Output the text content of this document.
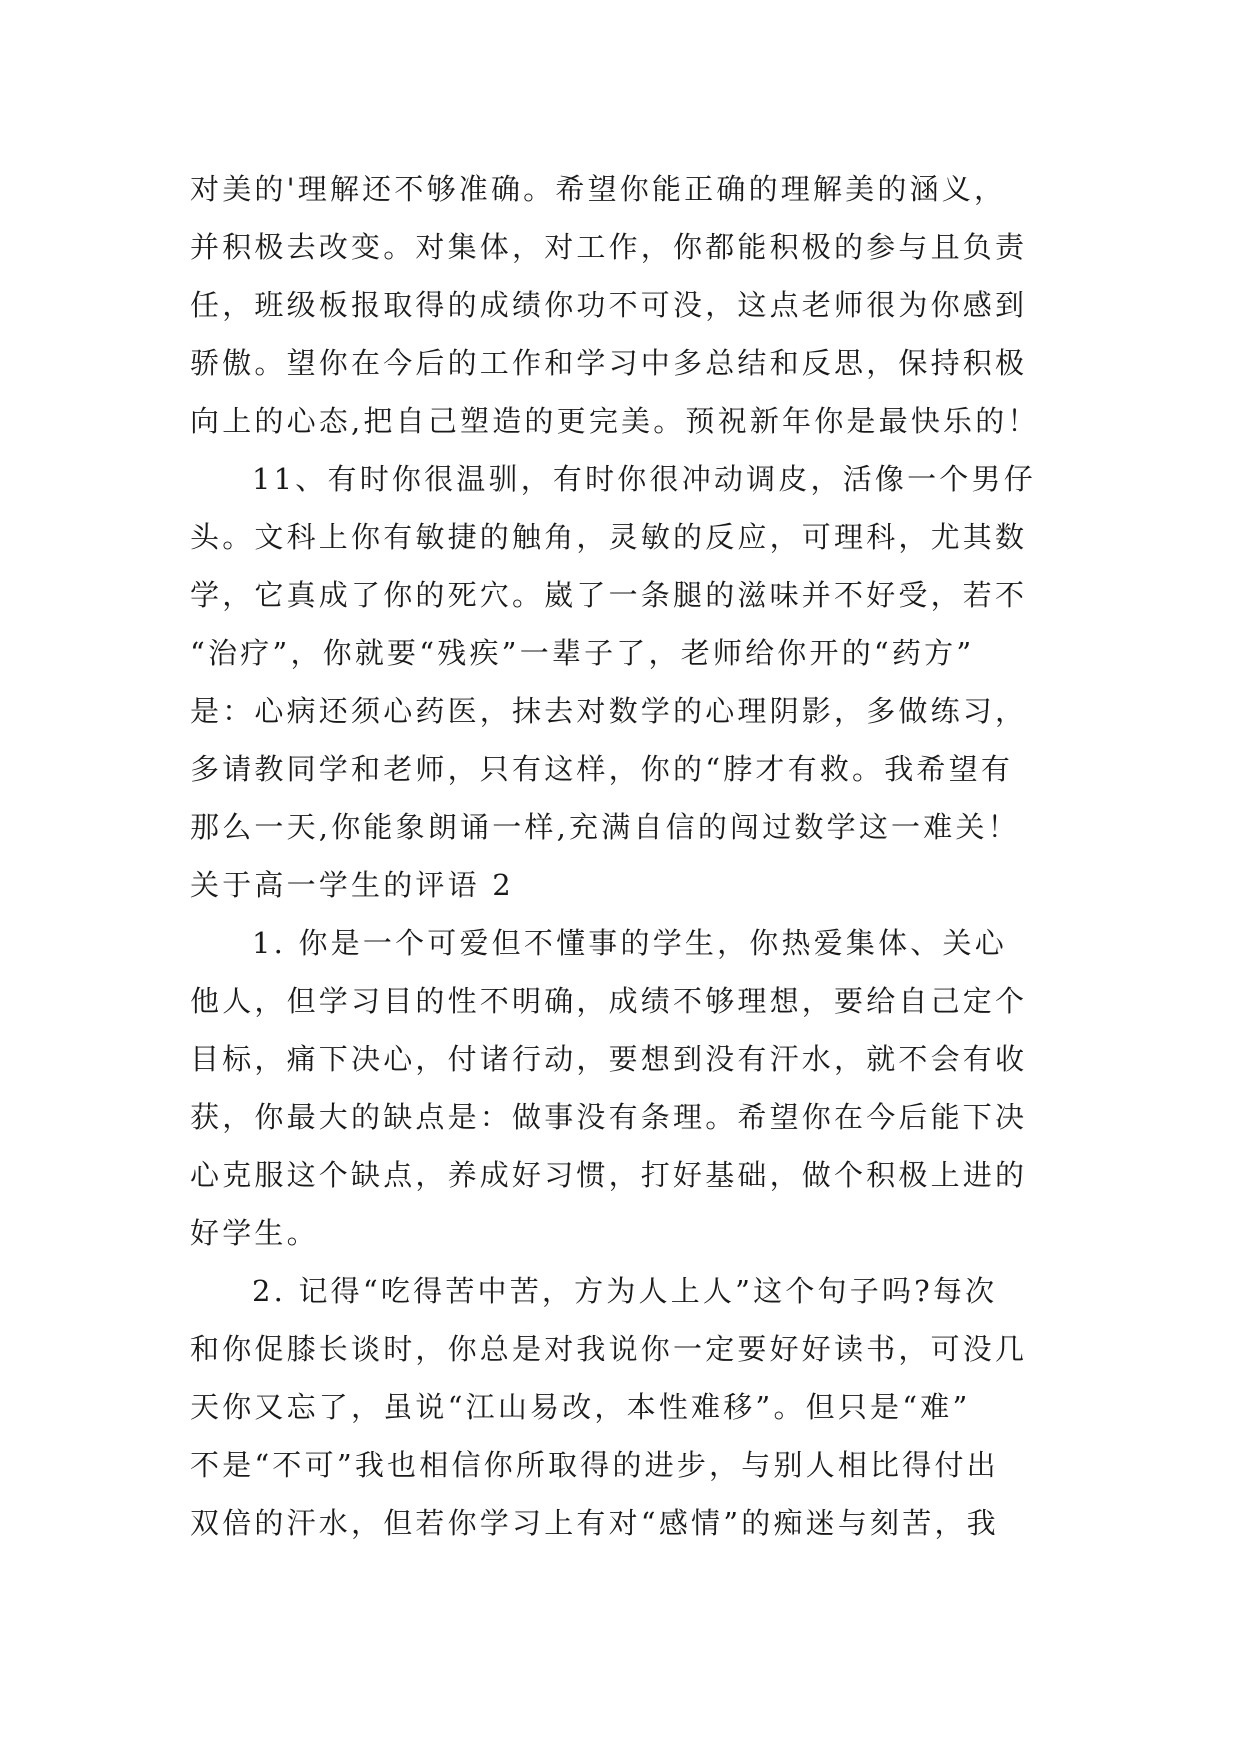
对美的'理解还不够准确。希望你能正确的理解美的涵义，
并积极去改变。对集体，对工作，你都能积极的参与且负责
任，班级板报取得的成绩你功不可没，这点老师很为你感到
骄傲。望你在今后的工作和学习中多总结和反思，保持积极
向上的心态,把自己塑造的更完美。预祝新年你是最快乐的！
11、有时你很温驯，有时你很冲动调皮，活像一个男仔
头。文科上你有敏捷的触角，灵敏的反应，可理科，尤其数
学，它真成了你的死穴。崴了一条腿的滋味并不好受，若不
“治疗”，你就要“残疾”一辈子了，老师给你开的“药方”
是：心病还须心药医，抹去对数学的心理阴影，多做练习，
多请教同学和老师，只有这样，你的“脖才有救。我希望有
那么一天,你能象朗诵一样,充满自信的闯过数学这一难关！
关于高一学生的评语 2
1. 你是一个可爱但不懂事的学生，你热爱集体、关心
他人，但学习目的性不明确，成绩不够理想，要给自己定个
目标，痛下决心，付诸行动，要想到没有汗水，就不会有收
获，你最大的缺点是：做事没有条理。希望你在今后能下决
心克服这个缺点，养成好习惯，打好基础，做个积极上进的
好学生。
2. 记得“吃得苦中苦，方为人上人”这个句子吗?每次
和你促膝长谈时，你总是对我说你一定要好好读书，可没几
天你又忘了，虽说“江山易改，本性难移”。但只是“难”
不是“不可”我也相信你所取得的进步，与别人相比得付出
双倍的汗水，但若你学习上有对“感情”的痴迷与刻苦，我
